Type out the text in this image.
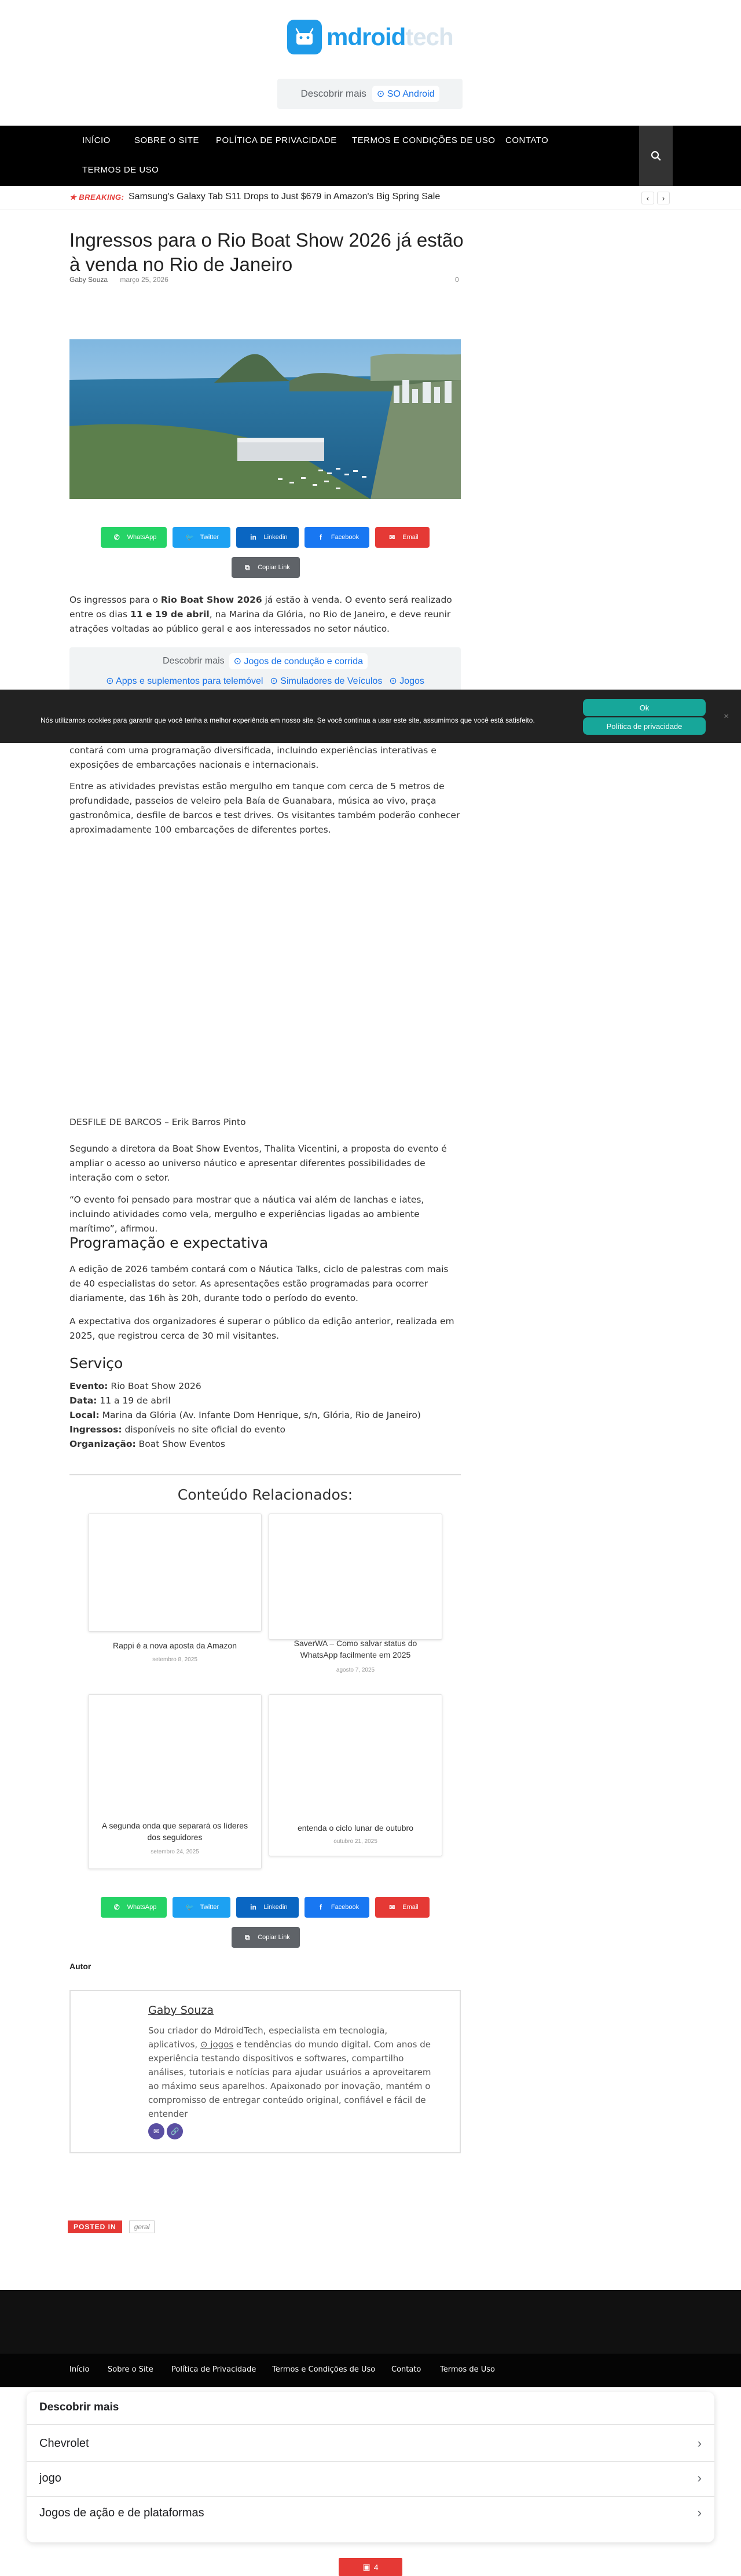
mdroidtech
Descobrir mais	⊙ SO Android
INÍCIO	SOBRE O SITE POLÍTICA DE PRIVACIDADE TERMOS E CONDIÇÕES DE USO CONTATO
TERMOS DE USO
★ BREAKING: Samsung's Galaxy Tab S11 Drops to Just $679 in Amazon's Big Spring Sale	‹	›
Ingressos para o Rio Boat Show 2026 já estão à venda no Rio de Janeiro
Gaby Souza março 25, 2026	0
✆	WhatsApp	🐦 Twitter	in	Linkedin	f	Facebook	✉	Email
⧉	Copiar Link
Os ingressos para o Rio Boat Show 2026 já estão à venda. O evento será realizado entre os dias 11 e 19 de abril, na Marina da Glória, no Rio de Janeiro, e deve reunir atrações voltadas ao público geral e aos interessados no setor náutico.
Descobrir mais	⊙ Jogos de condução e corrida
⊙ Apps e suplementos para telemóvel ⊙ Simuladores de Veículos ⊙ Jogos
Nós utilizamos cookies para garantir que você tenha a melhor experiência em nosso site. Se você continua a usar este site, assumimos que você está satisfeito.
Ok
Política de privacidade
×
contará com uma programação diversificada, incluindo experiências interativas e exposições de embarcações nacionais e internacionais.
Entre as atividades previstas estão mergulho em tanque com cerca de 5 metros de profundidade, passeios de veleiro pela Baía de Guanabara, música ao vivo, praça gastronômica, desfile de barcos e test drives. Os visitantes também poderão conhecer aproximadamente 100 embarcações de diferentes portes.
DESFILE DE BARCOS – Erik Barros Pinto
Segundo a diretora da Boat Show Eventos, Thalita Vicentini, a proposta do evento é ampliar o acesso ao universo náutico e apresentar diferentes possibilidades de interação com o setor.
“O evento foi pensado para mostrar que a náutica vai além de lanchas e iates, incluindo atividades como vela, mergulho e experiências ligadas ao ambiente marítimo”, afirmou.
Programação e expectativa
A edição de 2026 também contará com o Náutica Talks, ciclo de palestras com mais de 40 especialistas do setor. As apresentações estão programadas para ocorrer diariamente, das 16h às 20h, durante todo o período do evento.
A expectativa dos organizadores é superar o público da edição anterior, realizada em 2025, que registrou cerca de 30 mil visitantes.
Serviço
Evento: Rio Boat Show 2026
Data: 11 a 19 de abril
Local: Marina da Glória (Av. Infante Dom Henrique, s/n, Glória, Rio de Janeiro)
Ingressos: disponíveis no site oficial do evento
Organização: Boat Show Eventos
Conteúdo Relacionados:
Rappi é a nova aposta da Amazon
setembro 8, 2025
SaverWA – Como salvar status do WhatsApp facilmente em 2025
agosto 7, 2025
A segunda onda que separará os líderes dos seguidores
setembro 24, 2025
entenda o ciclo lunar de outubro
outubro 21, 2025
✆	WhatsApp	🐦 Twitter	in	Linkedin	f	Facebook	✉	Email
⧉	Copiar Link
Autor
Gaby Souza
Sou criador do MdroidTech, especialista em tecnologia, aplicativos, ⊙ jogos e tendências do mundo digital. Com anos de experiência testando dispositivos e softwares, compartilho análises, tutoriais e notícias para ajudar usuários a aproveitarem ao máximo seus aparelhos. Apaixonado por inovação, mantém o compromisso de entregar conteúdo original, confiável e fácil de entender
✉	🔗
POSTED IN	geral
Início Sobre o Site Política de Privacidade Termos e Condições de Uso Contato	Termos de Uso
Descobrir mais
Chevrolet	›
jogo	›
Jogos de ação e de plataformas	›
▣ 4
